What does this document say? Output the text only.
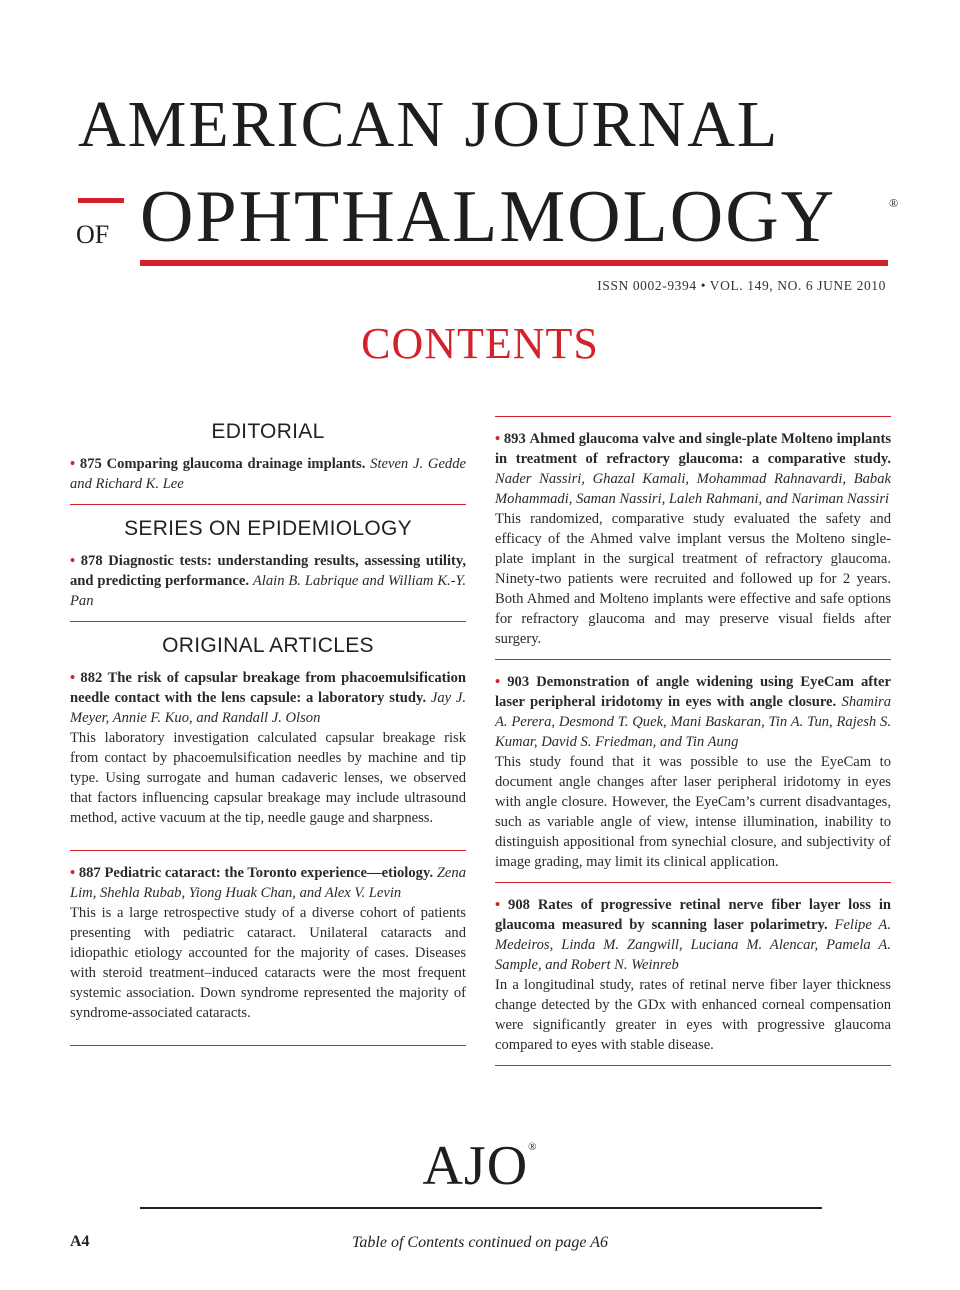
AMERICAN JOURNAL
OF OPHTHALMOLOGY	®
ISSN 0002-9394 • VOL. 149, NO. 6 JUNE 2010
CONTENTS
EDITORIAL
• 875 Comparing glaucoma drainage implants. Steven J. Gedde and Richard K. Lee
SERIES ON EPIDEMIOLOGY
• 878 Diagnostic tests: understanding results, assessing utility, and predicting performance. Alain B. Labrique and William K.-Y. Pan
ORIGINAL ARTICLES
• 882 The risk of capsular breakage from phacoemulsification needle contact with the lens capsule: a laboratory study. Jay J. Meyer, Annie F. Kuo, and Randall J. Olson
This laboratory investigation calculated capsular breakage risk from contact by phacoemulsification needles by machine and tip type. Using surrogate and human cadaveric lenses, we observed that factors influencing capsular breakage may include ultrasound method, active vacuum at the tip, needle gauge and sharpness.
• 887 Pediatric cataract: the Toronto experience—etiology. Zena Lim, Shehla Rubab, Yiong Huak Chan, and Alex V. Levin
This is a large retrospective study of a diverse cohort of patients presenting with pediatric cataract. Unilateral cataracts and idiopathic etiology accounted for the majority of cases. Diseases with steroid treatment–induced cataracts were the most frequent systemic association. Down syndrome represented the majority of syndrome-associated cataracts.
• 893 Ahmed glaucoma valve and single-plate Molteno implants in treatment of refractory glaucoma: a comparative study. Nader Nassiri, Ghazal Kamali, Mohammad Rahnavardi, Babak Mohammadi, Saman Nassiri, Laleh Rahmani, and Nariman Nassiri
This randomized, comparative study evaluated the safety and efficacy of the Ahmed valve implant versus the Molteno single-plate implant in the surgical treatment of refractory glaucoma. Ninety-two patients were recruited and followed up for 2 years. Both Ahmed and Molteno implants were effective and safe options for refractory glaucoma and may preserve visual fields after surgery.
• 903 Demonstration of angle widening using EyeCam after laser peripheral iridotomy in eyes with angle closure. Shamira A. Perera, Desmond T. Quek, Mani Baskaran, Tin A. Tun, Rajesh S. Kumar, David S. Friedman, and Tin Aung
This study found that it was possible to use the EyeCam to document angle changes after laser peripheral iridotomy in eyes with angle closure. However, the EyeCam’s current disadvantages, such as variable angle of view, intense illumination, inability to distinguish appositional from synechial closure, and subjectivity of image grading, may limit its clinical application.
• 908 Rates of progressive retinal nerve fiber layer loss in glaucoma measured by scanning laser polarimetry. Felipe A. Medeiros, Linda M. Zangwill, Luciana M. Alencar, Pamela A. Sample, and Robert N. Weinreb
In a longitudinal study, rates of retinal nerve fiber layer thickness change detected by the GDx with enhanced corneal compensation were significantly greater in eyes with progressive glaucoma compared to eyes with stable disease.
AJO®
A4	Table of Contents continued on page A6
